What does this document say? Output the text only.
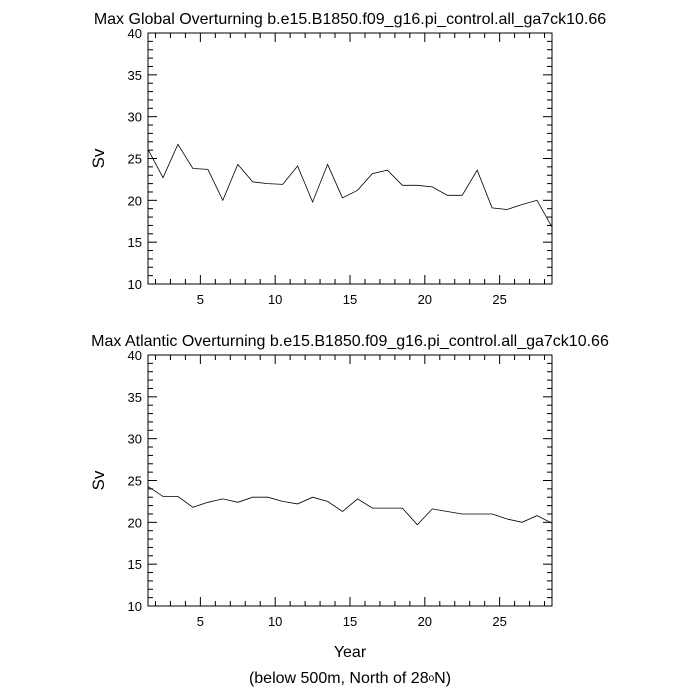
Max Global Overturning b.e15.B1850.f09_g16.pi_control.all_ga7ck10.66
10
15
20
25
30
35
40
5	10	15	20	25
Sv
Max Atlantic Overturning b.e15.B1850.f09_g16.pi_control.all_ga7ck10.66
10
15
20
25
30
35
40
5	10	15	20	25
Sv
Year
(below 500m, North of 28$^o$N)
